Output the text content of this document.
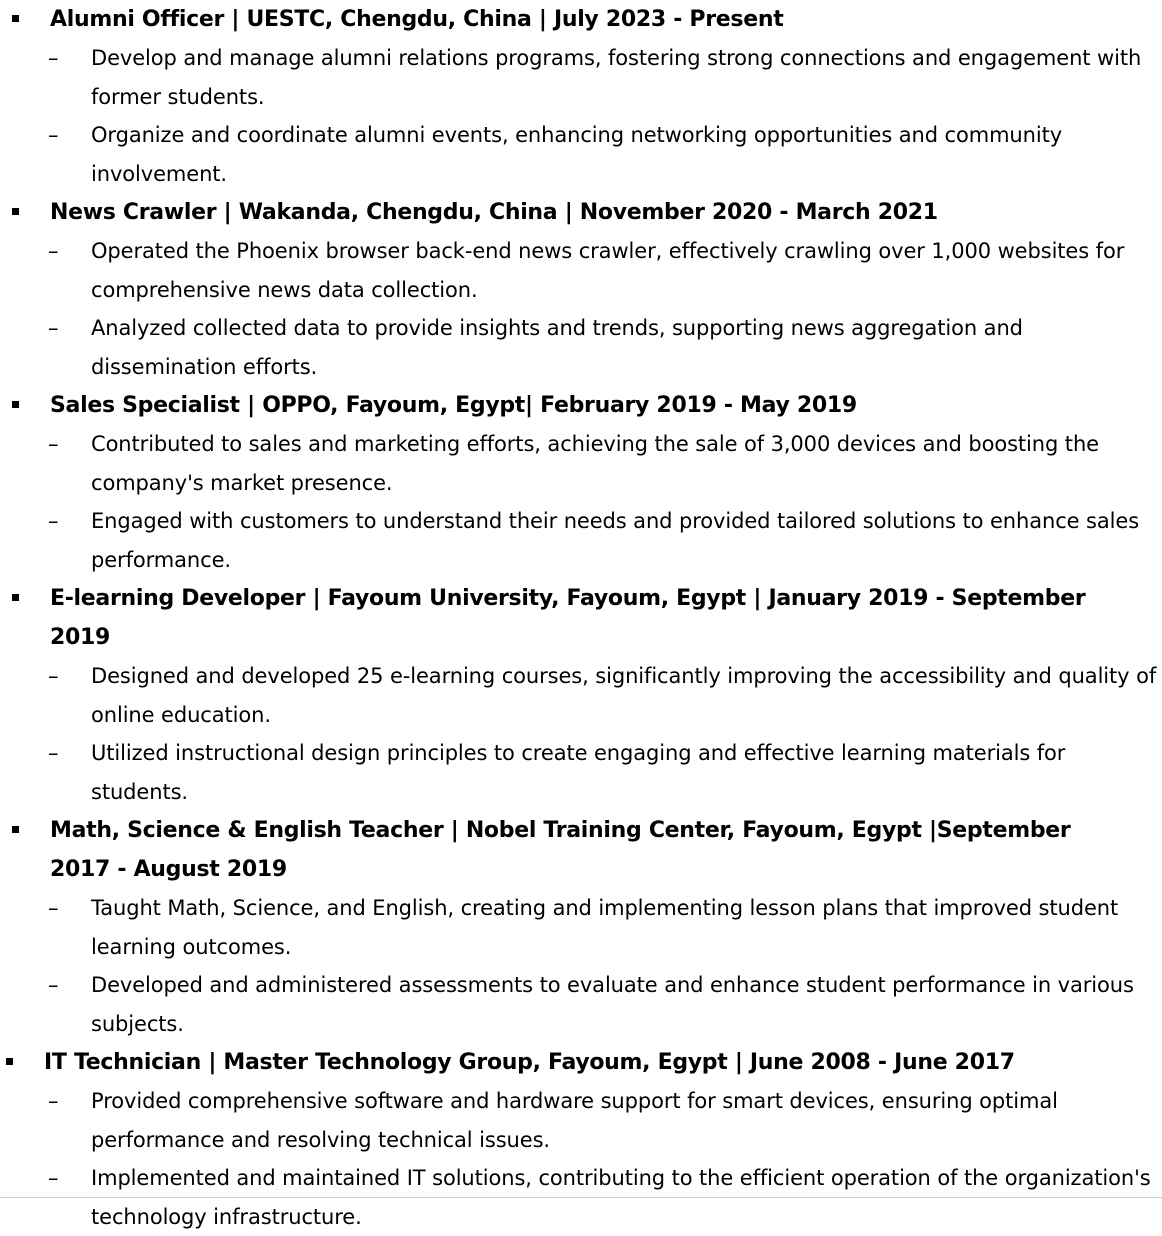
Alumni Officer | UESTC, Chengdu, China | July 2023 - Present
–	Develop and manage alumni relations programs, fostering strong connections and engagement with former students.
–	Organize and coordinate alumni events, enhancing networking opportunities and community involvement.
News Crawler | Wakanda, Chengdu, China | November 2020 - March 2021
–	Operated the Phoenix browser back-end news crawler, effectively crawling over 1,000 websites for comprehensive news data collection.
–	Analyzed collected data to provide insights and trends, supporting news aggregation and dissemination efforts.
Sales Specialist | OPPO, Fayoum, Egypt| February 2019 - May 2019
–	Contributed to sales and marketing efforts, achieving the sale of 3,000 devices and boosting the company's market presence.
–	Engaged with customers to understand their needs and provided tailored solutions to enhance sales performance.
E-learning Developer | Fayoum University, Fayoum, Egypt | January 2019 - September 2019
–	Designed and developed 25 e-learning courses, significantly improving the accessibility and quality of online education.
–	Utilized instructional design principles to create engaging and effective learning materials for students.
Math, Science & English Teacher | Nobel Training Center, Fayoum, Egypt |September 2017 - August 2019
–	Taught Math, Science, and English, creating and implementing lesson plans that improved student learning outcomes.
–	Developed and administered assessments to evaluate and enhance student performance in various subjects.
IT Technician | Master Technology Group, Fayoum, Egypt | June 2008 - June 2017
–	Provided comprehensive software and hardware support for smart devices, ensuring optimal performance and resolving technical issues.
–	Implemented and maintained IT solutions, contributing to the efficient operation of the organization's technology infrastructure.
